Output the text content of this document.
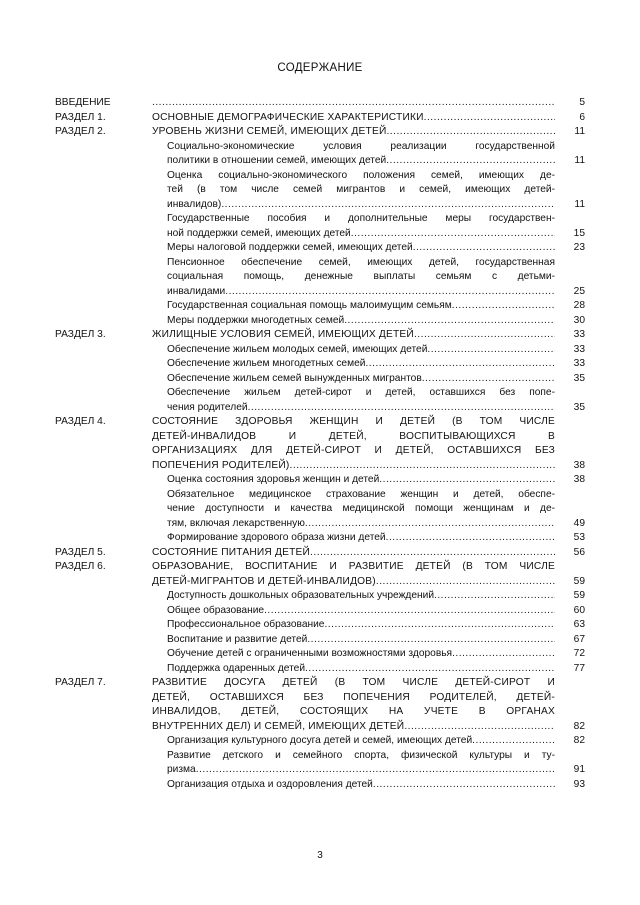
СОДЕРЖАНИЕ
ВВЕДЕНИЕ .....	5
РАЗДЕЛ 1.	ОСНОВНЫЕ ДЕМОГРАФИЧЕСКИЕ ХАРАКТЕРИСТИКИ .....	6
РАЗДЕЛ 2.	УРОВЕНЬ ЖИЗНИ СЕМЕЙ, ИМЕЮЩИХ ДЕТЕЙ .....	11
Социально-экономические условия реализации государственной
политики в отношении семей, имеющих детей .....	11
Оценка социально-экономического положения семей, имеющих де-
тей (в том числе семей мигрантов и семей, имеющих детей-
инвалидов) .....	11
Государственные пособия и дополнительные меры государствен-
ной поддержки семей, имеющих детей .....	15
Меры налоговой поддержки семей, имеющих детей .....	23
Пенсионное обеспечение семей, имеющих детей, государственная
социальная помощь, денежные выплаты семьям с детьми-
инвалидами .....	25
Государственная социальная помощь малоимущим семьям .....	28
Меры поддержки многодетных семей .....	30
РАЗДЕЛ 3.	ЖИЛИЩНЫЕ УСЛОВИЯ СЕМЕЙ, ИМЕЮЩИХ ДЕТЕЙ .....	33
Обеспечение жильем молодых семей, имеющих детей .....	33
Обеспечение жильем многодетных семей .....	33
Обеспечение жильем семей вынужденных мигрантов .....	35
Обеспечение жильем детей-сирот и детей, оставшихся без попе-
чения родителей .....	35
РАЗДЕЛ 4.	СОСТОЯНИЕ ЗДОРОВЬЯ ЖЕНЩИН И ДЕТЕЙ (В ТОМ ЧИСЛЕ
ДЕТЕЙ-ИНВАЛИДОВ И ДЕТЕЙ, ВОСПИТЫВАЮЩИХСЯ В
ОРГАНИЗАЦИЯХ ДЛЯ ДЕТЕЙ-СИРОТ И ДЕТЕЙ, ОСТАВШИХСЯ БЕЗ
ПОПЕЧЕНИЯ РОДИТЕЛЕЙ) .....	38
Оценка состояния здоровья женщин и детей .....	38
Обязательное медицинское страхование женщин и детей, обеспе-
чение доступности и качества медицинской помощи женщинам и де-
тям, включая лекарственную .....	49
Формирование здорового образа жизни детей .....	53
РАЗДЕЛ 5.	СОСТОЯНИЕ ПИТАНИЯ ДЕТЕЙ .....	56
РАЗДЕЛ 6.	ОБРАЗОВАНИЕ, ВОСПИТАНИЕ И РАЗВИТИЕ ДЕТЕЙ (В ТОМ ЧИСЛЕ
ДЕТЕЙ-МИГРАНТОВ И ДЕТЕЙ-ИНВАЛИДОВ) .....	59
Доступность дошкольных образовательных учреждений .....	59
Общее образование .....	60
Профессиональное образование .....	63
Воспитание и развитие детей .....	67
Обучение детей с ограниченными возможностями здоровья .....	72
Поддержка одаренных детей .....	77
РАЗДЕЛ 7.	РАЗВИТИЕ ДОСУГА ДЕТЕЙ (В ТОМ ЧИСЛЕ ДЕТЕЙ-СИРОТ И
ДЕТЕЙ, ОСТАВШИХСЯ БЕЗ ПОПЕЧЕНИЯ РОДИТЕЛЕЙ, ДЕТЕЙ-
ИНВАЛИДОВ, ДЕТЕЙ, СОСТОЯЩИХ НА УЧЕТЕ В ОРГАНАХ
ВНУТРЕННИХ ДЕЛ) И СЕМЕЙ, ИМЕЮЩИХ ДЕТЕЙ .....	82
Организация культурного досуга детей и семей, имеющих детей .....	82
Развитие детского и семейного спорта, физической культуры и ту-
ризма .....	91
Организация отдыха и оздоровления детей .....	93
3
